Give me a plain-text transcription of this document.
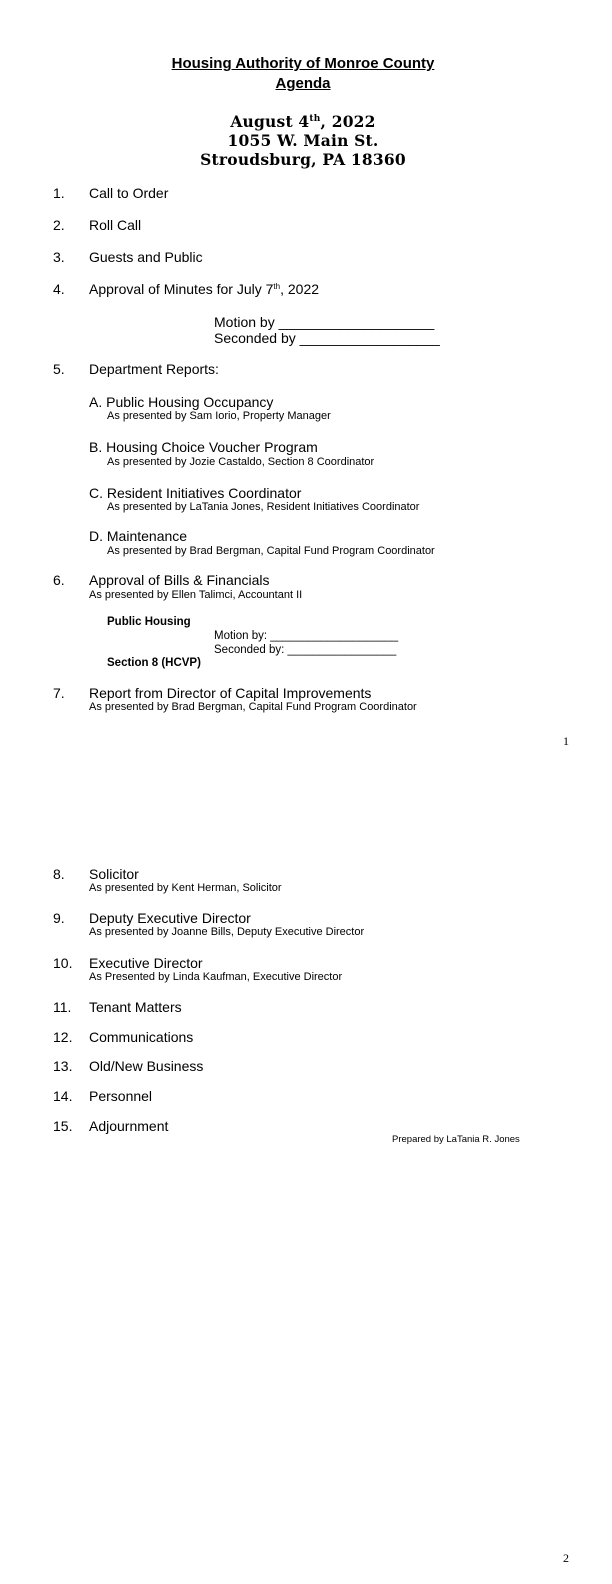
Housing Authority of Monroe County
Agenda
August 4th, 2022
1055 W. Main St.
Stroudsburg, PA 18360
1. Call to Order
2. Roll Call
3. Guests and Public
4. Approval of Minutes for July 7th, 2022
Motion by ____________________
Seconded by __________________
5. Department Reports:
A. Public Housing Occupancy
As presented by Sam Iorio, Property Manager
B. Housing Choice Voucher Program
As presented by Jozie Castaldo, Section 8 Coordinator
C. Resident Initiatives Coordinator
As presented by LaTania Jones, Resident Initiatives Coordinator
D. Maintenance
As presented by Brad Bergman, Capital Fund Program Coordinator
6. Approval of Bills & Financials
As presented by Ellen Talimci, Accountant II
Public Housing
Motion by: ____________________
Seconded by: _________________
Section 8 (HCVP)
7. Report from Director of Capital Improvements
As presented by Brad Bergman, Capital Fund Program Coordinator
1
8. Solicitor
As presented by Kent Herman, Solicitor
9. Deputy Executive Director
As presented by Joanne Bills, Deputy Executive Director
10. Executive Director
As Presented by Linda Kaufman, Executive Director
11. Tenant Matters
12. Communications
13. Old/New Business
14. Personnel
15. Adjournment
Prepared by LaTania R. Jones
2
